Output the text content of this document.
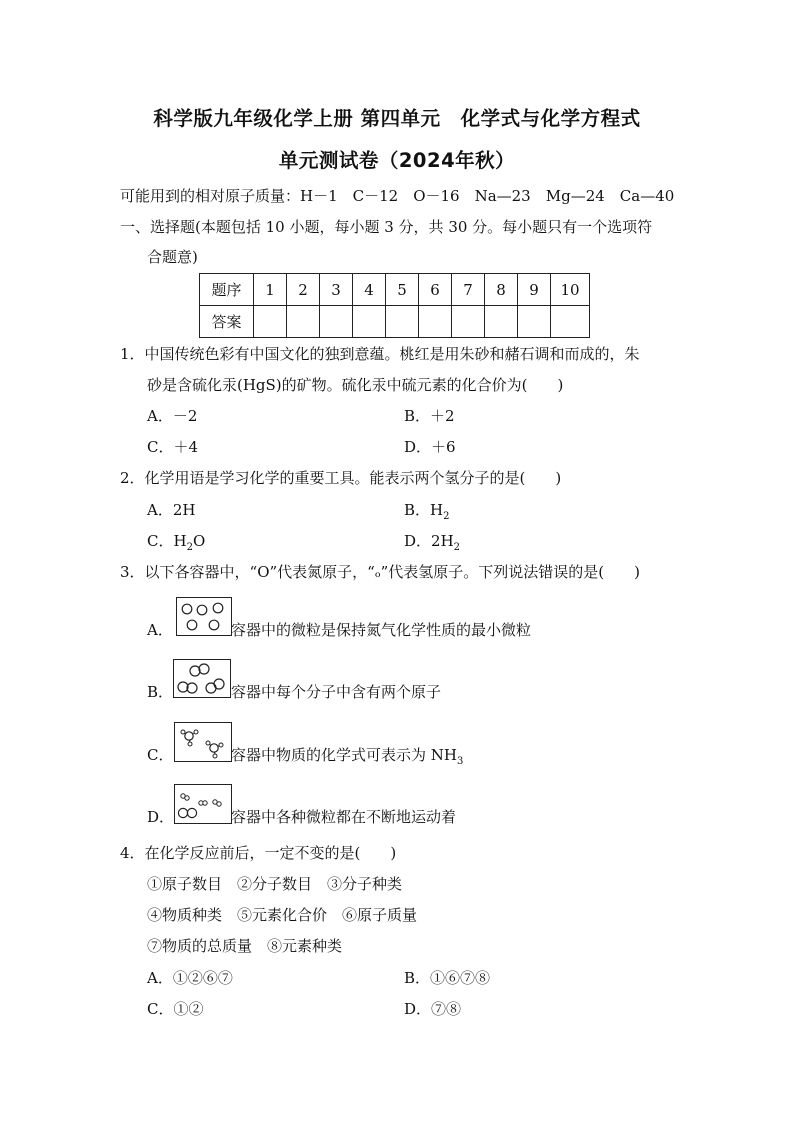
科学版九年级化学上册 第四单元　化学式与化学方程式
单元测试卷（2024年秋）
可能用到的相对原子质量：H－1　C－12　O－16　Na—23　Mg—24　Ca—40
一、选择题(本题包括 10 小题，每小题 3 分，共 30 分。每小题只有一个选项符
合题意)
题序	1	2	3	4	5	6	7	8	9	10
答案										
1．中国传统色彩有中国文化的独到意蕴。桃红是用朱砂和赭石调和而成的，朱
砂是含硫化汞(HgS)的矿物。硫化汞中硫元素的化合价为(　　)
A．－2	B．＋2
C．＋4	D．＋6
2．化学用语是学习化学的重要工具。能表示两个氢分子的是(　　)
A．2H	B．$H_2$
C．$H_2O$	D．$2H_2$
3．以下各容器中，“O”代表氮原子，“ₒ”代表氢原子。下列说法错误的是(　　)
A．	容器中的微粒是保持氮气化学性质的最小微粒
B．	容器中每个分子中含有两个原子
C．	容器中物质的化学式可表示为 $NH_3$
D．	容器中各种微粒都在不断地运动着
4．在化学反应前后，一定不变的是(　　)
①原子数目　②分子数目　③分子种类
④物质种类　⑤元素化合价　⑥原子质量
⑦物质的总质量　⑧元素种类
A．①②⑥⑦	B．①⑥⑦⑧
C．①②	D．⑦⑧
